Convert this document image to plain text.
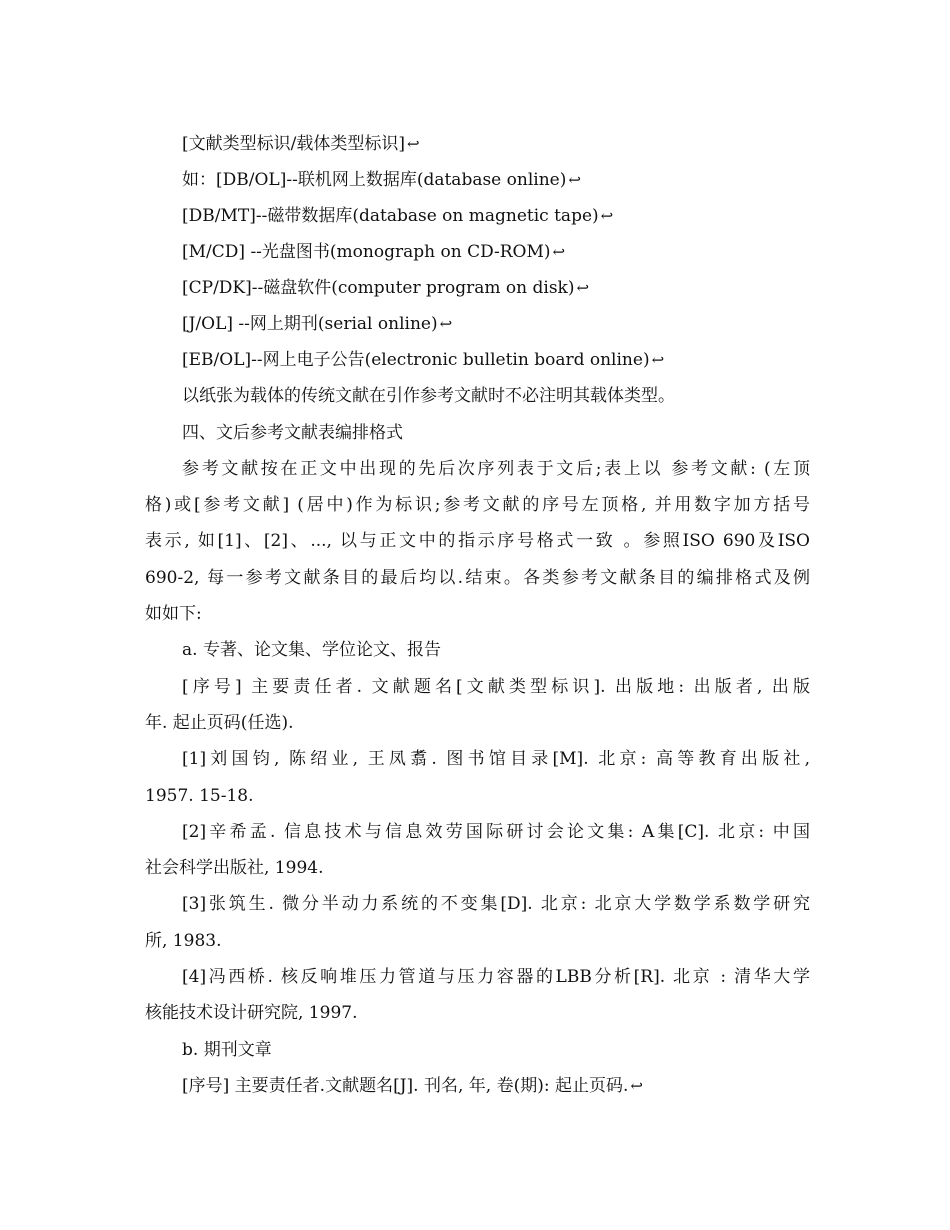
[文献类型标识/载体类型标识] ↩
如：[DB/OL]--联机网上数据库(database online) ↩
[DB/MT]--磁带数据库(database on magnetic tape) ↩
[M/CD] --光盘图书(monograph on CD-ROM) ↩
[CP/DK]--磁盘软件(computer program on disk) ↩
[J/OL] --网上期刊(serial online) ↩
[EB/OL]--网上电子公告(electronic bulletin board online) ↩
以纸张为载体的传统文献在引作参考文献时不必注明其载体类型。
四、文后参考文献表编排格式
参考文献按在正文中出现的先后次序列表于文后;表上以 参考文献: (左顶
格)或[参考文献] (居中)作为标识;参考文献的序号左顶格, 并用数字加方括号
表示, 如[1]、[2]、..., 以与正文中的指示序号格式一致 。参照ISO 690及ISO
690-2, 每一参考文献条目的最后均以.结束。各类参考文献条目的编排格式及例
如如下:
a. 专著、论文集、学位论文、报告
[序号] 主要责任者. 文献题名[文献类型标识]. 出版地: 出版者, 出版
年. 起止页码(任选).
[1]刘国钧, 陈绍业, 王凤翥. 图书馆目录[M]. 北京: 高等教育出版社,
1957. 15-18.
[2]辛希孟. 信息技术与信息效劳国际研讨会论文集: A集[C]. 北京: 中国
社会科学出版社, 1994.
[3]张筑生. 微分半动力系统的不变集[D]. 北京: 北京大学数学系数学研究
所, 1983.
[4]冯西桥. 核反响堆压力管道与压力容器的LBB分析[R]. 北京 : 清华大学
核能技术设计研究院, 1997.
b. 期刊文章
[序号] 主要责任者.文献题名[J]. 刊名, 年, 卷(期): 起止页码. ↩
